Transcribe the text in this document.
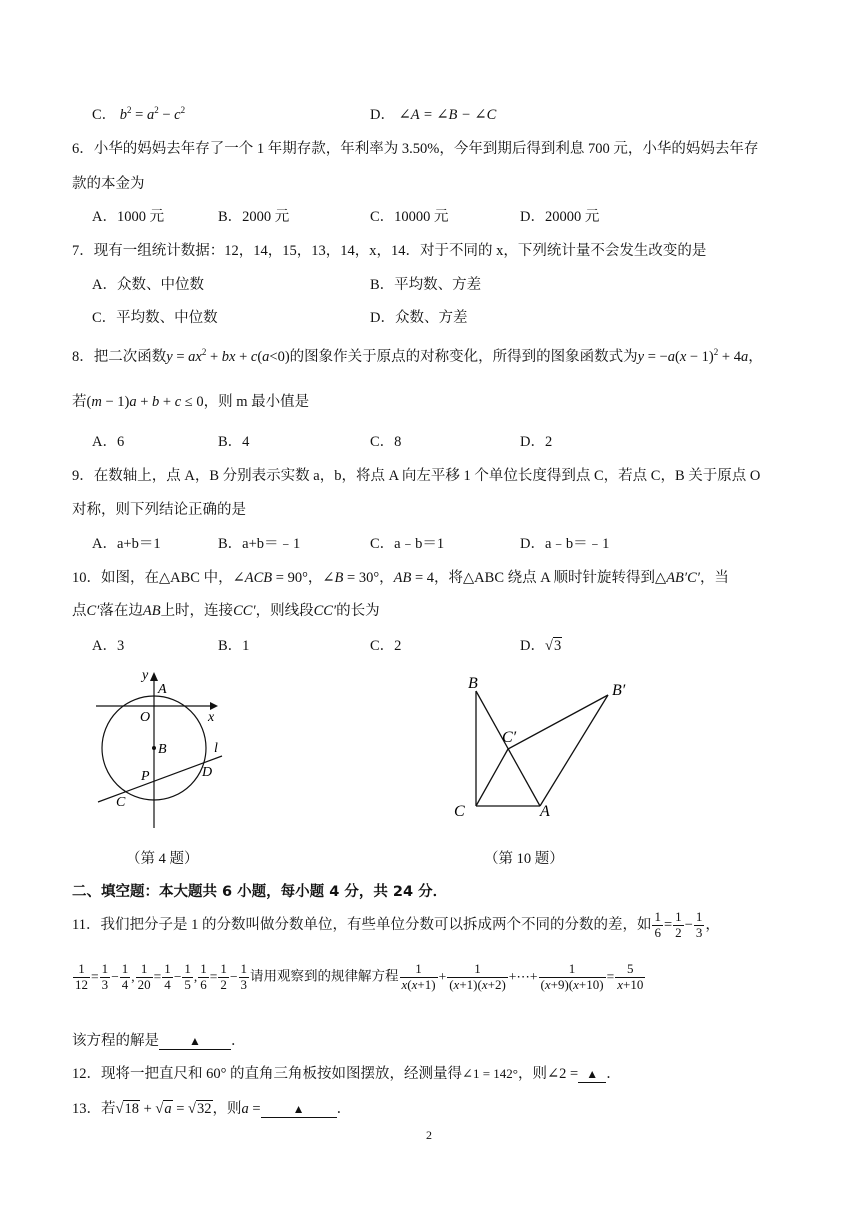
C． $b^2 = a^2 - c^2$	D． ∠A = ∠B − ∠C
6．小华的妈妈去年存了一个 1 年期存款，年利率为 3.50%，今年到期后得到利息 700 元，小华的妈妈去年存
款的本金为
A．1000 元	B．2000 元	C．10000 元	D．20000 元
7．现有一组统计数据：12，14，15，13，14，x，14．对于不同的 x，下列统计量不会发生改变的是
A．众数、中位数	B．平均数、方差
C．平均数、中位数	D．众数、方差
8．把二次函数$y = ax^2$ + bx + c(a<0)的图象作关于原点的对称变化，所得到的图象函数式为$y = -a(x - 1)^2 + 4a$，
若(m − 1)a + b + c ≤ 0，则 m 最小值是
A．6	B．4	C．8	D．2
9．在数轴上，点 A，B 分别表示实数 a，b，将点 A 向左平移 1 个单位长度得到点 C，若点 C，B 关于原点 O
对称，则下列结论正确的是
A．a+b＝1	B．a+b＝﹣1	C．a﹣b＝1	D．a﹣b＝﹣1
10．如图，在△ABC 中，∠ACB = 90°，∠B = 30°，AB = 4，将△ABC 绕点 A 顺时针旋转得到△AB′C′，当
点C′落在边AB上时，连接CC′，则线段CC′的长为
A．3	B．1	C．2	D．√3
y
A
O	x
B	l
P	D
C
B	B′
C′
C	A
（第 4 题）	（第 10 题）
二、填空题：本大题共 6 小题，每小题 4 分，共 24 分．
11．我们把分子是 1 的分数叫做分数单位，有些单位分数可以拆成两个不同的分数的差，如 $\frac{1}{6} = \frac{1}{2} - \frac{1}{3}$ ，
$\frac{1}{12} = \frac{1}{3} - \frac{1}{4}$ , $\frac{1}{20} = \frac{1}{4} - \frac{1}{5}$ , $\frac{1}{6} = \frac{1}{2} - \frac{1}{3}$ 请用观察到的规律解方程 $\frac{1}{x(x+1)} + \frac{1}{(x+1)(x+2)}$ +⋯+ $\frac{1}{(x+9)(x+10)} = \frac{5}{x+10}$
该方程的解是	▲ ．
12．现将一把直尺和 60° 的直角三角板按如图摆放，经测量得∠1 = 142°，则∠2 = ▲ ．
13．若√18 + √a = √32，则a =	▲ ．
2
